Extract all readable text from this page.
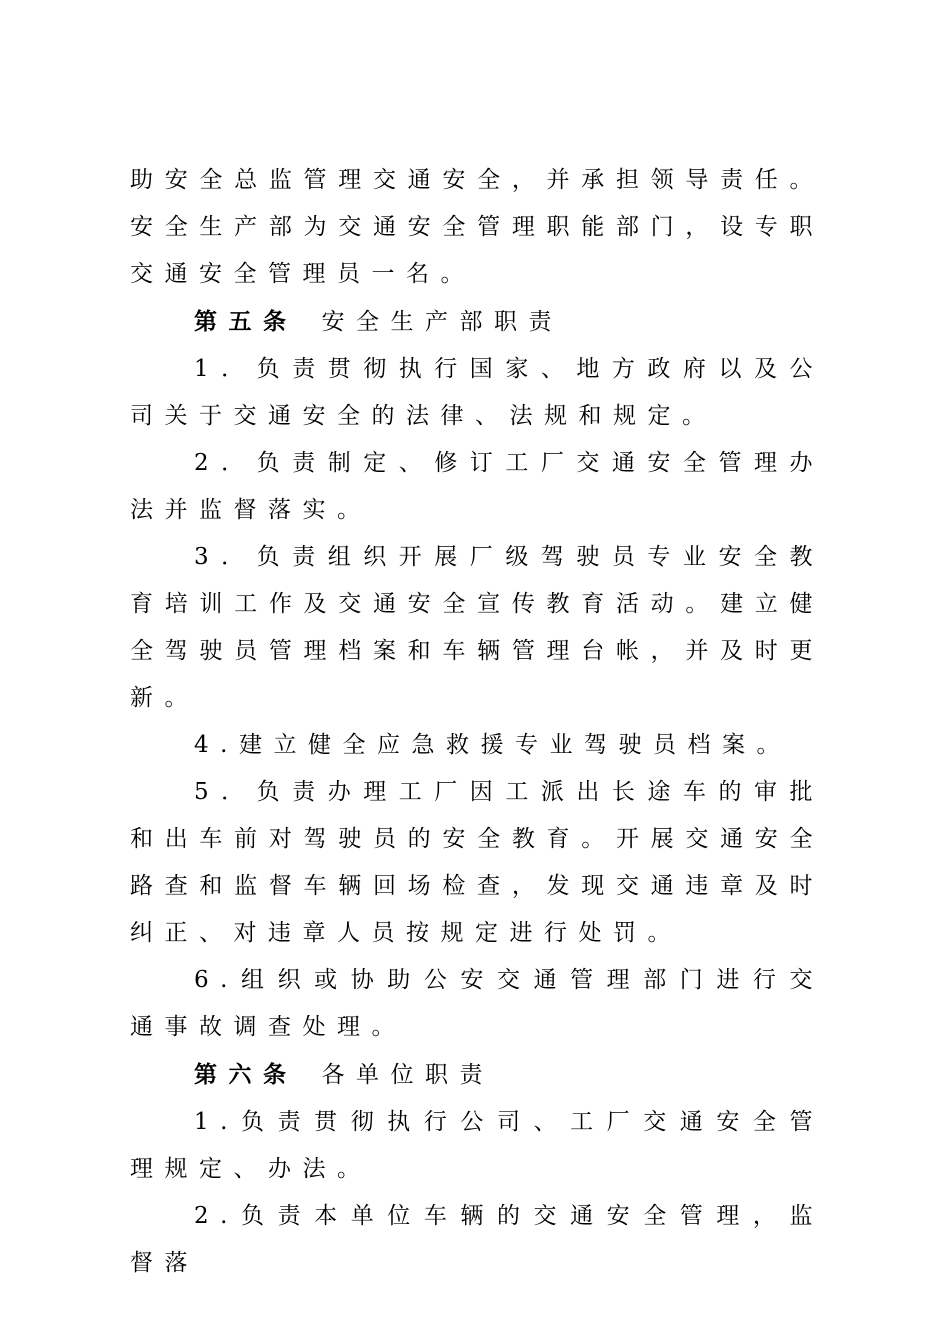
助安全总监管理交通安全，并承担领导责任。安全生产部为交通安全管理职能部门，设专职交通安全管理员一名。

第五条 安全生产部职责

1．负责贯彻执行国家、地方政府以及公司关于交通安全的法律、法规和规定。

2．负责制定、修订工厂交通安全管理办法并监督落实。

3．负责组织开展厂级驾驶员专业安全教育培训工作及交通安全宣传教育活动。建立健全驾驶员管理档案和车辆管理台帐，并及时更新。

4.建立健全应急救援专业驾驶员档案。

5．负责办理工厂因工派出长途车的审批和出车前对驾驶员的安全教育。开展交通安全路查和监督车辆回场检查，发现交通违章及时纠正、对违章人员按规定进行处罚。

6.组织或协助公安交通管理部门进行交通事故调查处理。

第六条 各单位职责

1.负责贯彻执行公司、工厂交通安全管理规定、办法。

2.负责本单位车辆的交通安全管理，监督落
